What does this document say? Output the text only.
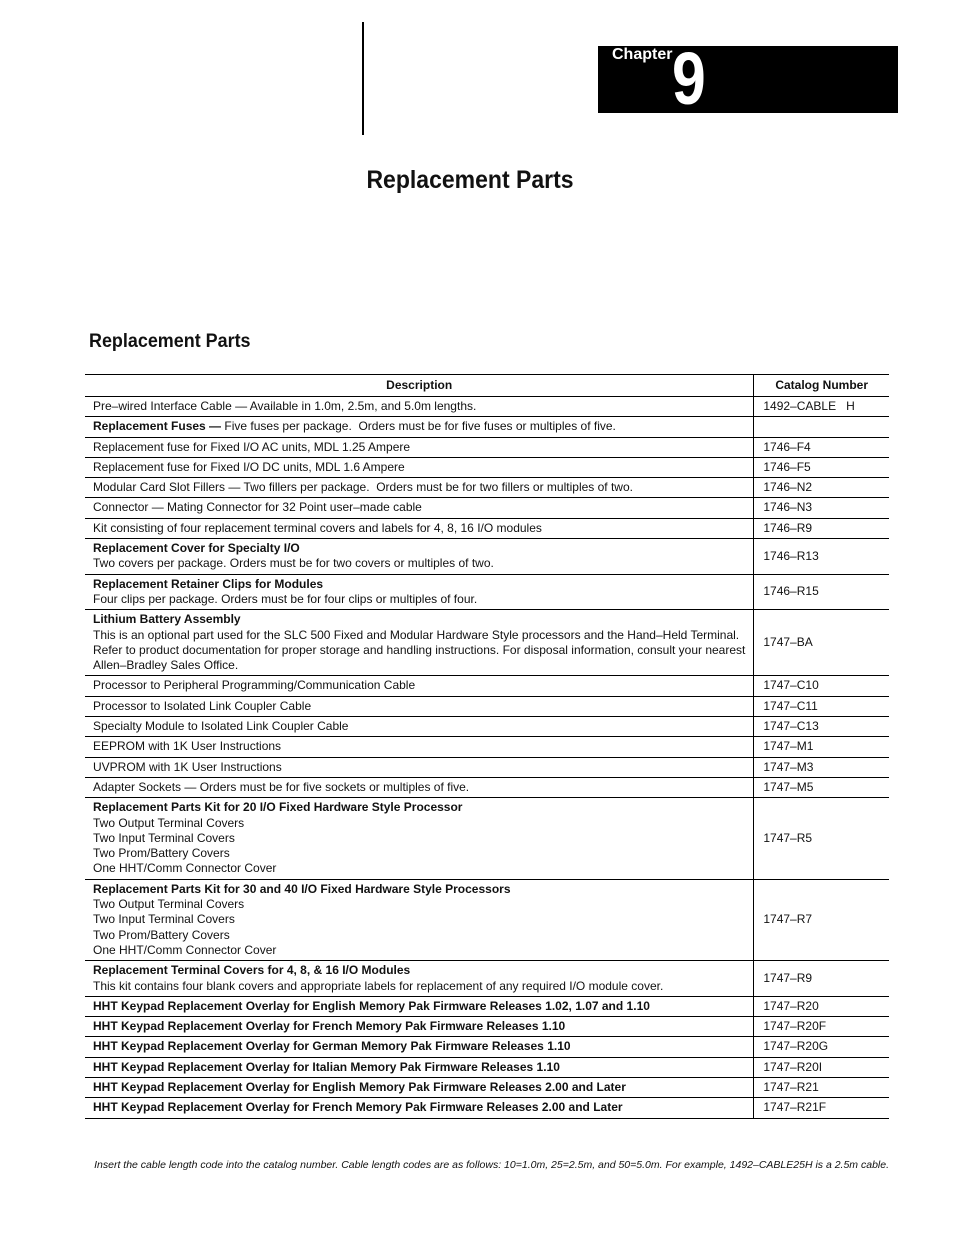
Chapter 9
Replacement Parts
Replacement Parts
Description	Catalog Number

Pre–wired Interface Cable — Available in 1.0m, 2.5m, and 5.0m lengths.	1492–CABLE   H

Replacement Fuses — Five fuses per package.  Orders must be for five fuses or multiples of five.	

Replacement fuse for Fixed I/O AC units, MDL 1.25 Ampere	1746–F4

Replacement fuse for Fixed I/O DC units, MDL 1.6 Ampere	1746–F5

Modular Card Slot Fillers — Two fillers per package.  Orders must be for two fillers or multiples of two.	1746–N2

Connector — Mating Connector for 32 Point user–made cable	1746–N3

Kit consisting of four replacement terminal covers and labels for 4, 8, 16 I/O modules	1746–R9

Replacement Cover for Specialty I/O
Two covers per package. Orders must be for two covers or multiples of two.	1746–R13

Replacement Retainer Clips for Modules
Four clips per package. Orders must be for four clips or multiples of four.	1746–R15

Lithium Battery Assembly
This is an optional part used for the SLC 500 Fixed and Modular Hardware Style processors and the Hand–Held Terminal.
Refer to product documentation for proper storage and handling instructions. For disposal information, consult your nearest
Allen–Bradley Sales Office.	1747–BA

Processor to Peripheral Programming/Communication Cable	1747–C10

Processor to Isolated Link Coupler Cable	1747–C11

Specialty Module to Isolated Link Coupler Cable	1747–C13

EEPROM with 1K User Instructions	1747–M1

UVPROM with 1K User Instructions	1747–M3

Adapter Sockets — Orders must be for five sockets or multiples of five.	1747–M5

Replacement Parts Kit for 20 I/O Fixed Hardware Style Processor
Two Output Terminal Covers
Two Input Terminal Covers
Two Prom/Battery Covers
One HHT/Comm Connector Cover	1747–R5

Replacement Parts Kit for 30 and 40 I/O Fixed Hardware Style Processors
Two Output Terminal Covers
Two Input Terminal Covers
Two Prom/Battery Covers
One HHT/Comm Connector Cover	1747–R7

Replacement Terminal Covers for 4, 8, & 16 I/O Modules
This kit contains four blank covers and appropriate labels for replacement of any required I/O module cover.	1747–R9

HHT Keypad Replacement Overlay for English Memory Pak Firmware Releases 1.02, 1.07 and 1.10	1747–R20

HHT Keypad Replacement Overlay for French Memory Pak Firmware Releases 1.10	1747–R20F

HHT Keypad Replacement Overlay for German Memory Pak Firmware Releases 1.10	1747–R20G

HHT Keypad Replacement Overlay for Italian Memory Pak Firmware Releases 1.10	1747–R20I

HHT Keypad Replacement Overlay for English Memory Pak Firmware Releases 2.00 and Later	1747–R21

HHT Keypad Replacement Overlay for French Memory Pak Firmware Releases 2.00 and Later	1747–R21F
Insert the cable length code into the catalog number. Cable length codes are as follows: 10=1.0m, 25=2.5m, and 50=5.0m. For example, 1492–CABLE25H is a 2.5m cable.
